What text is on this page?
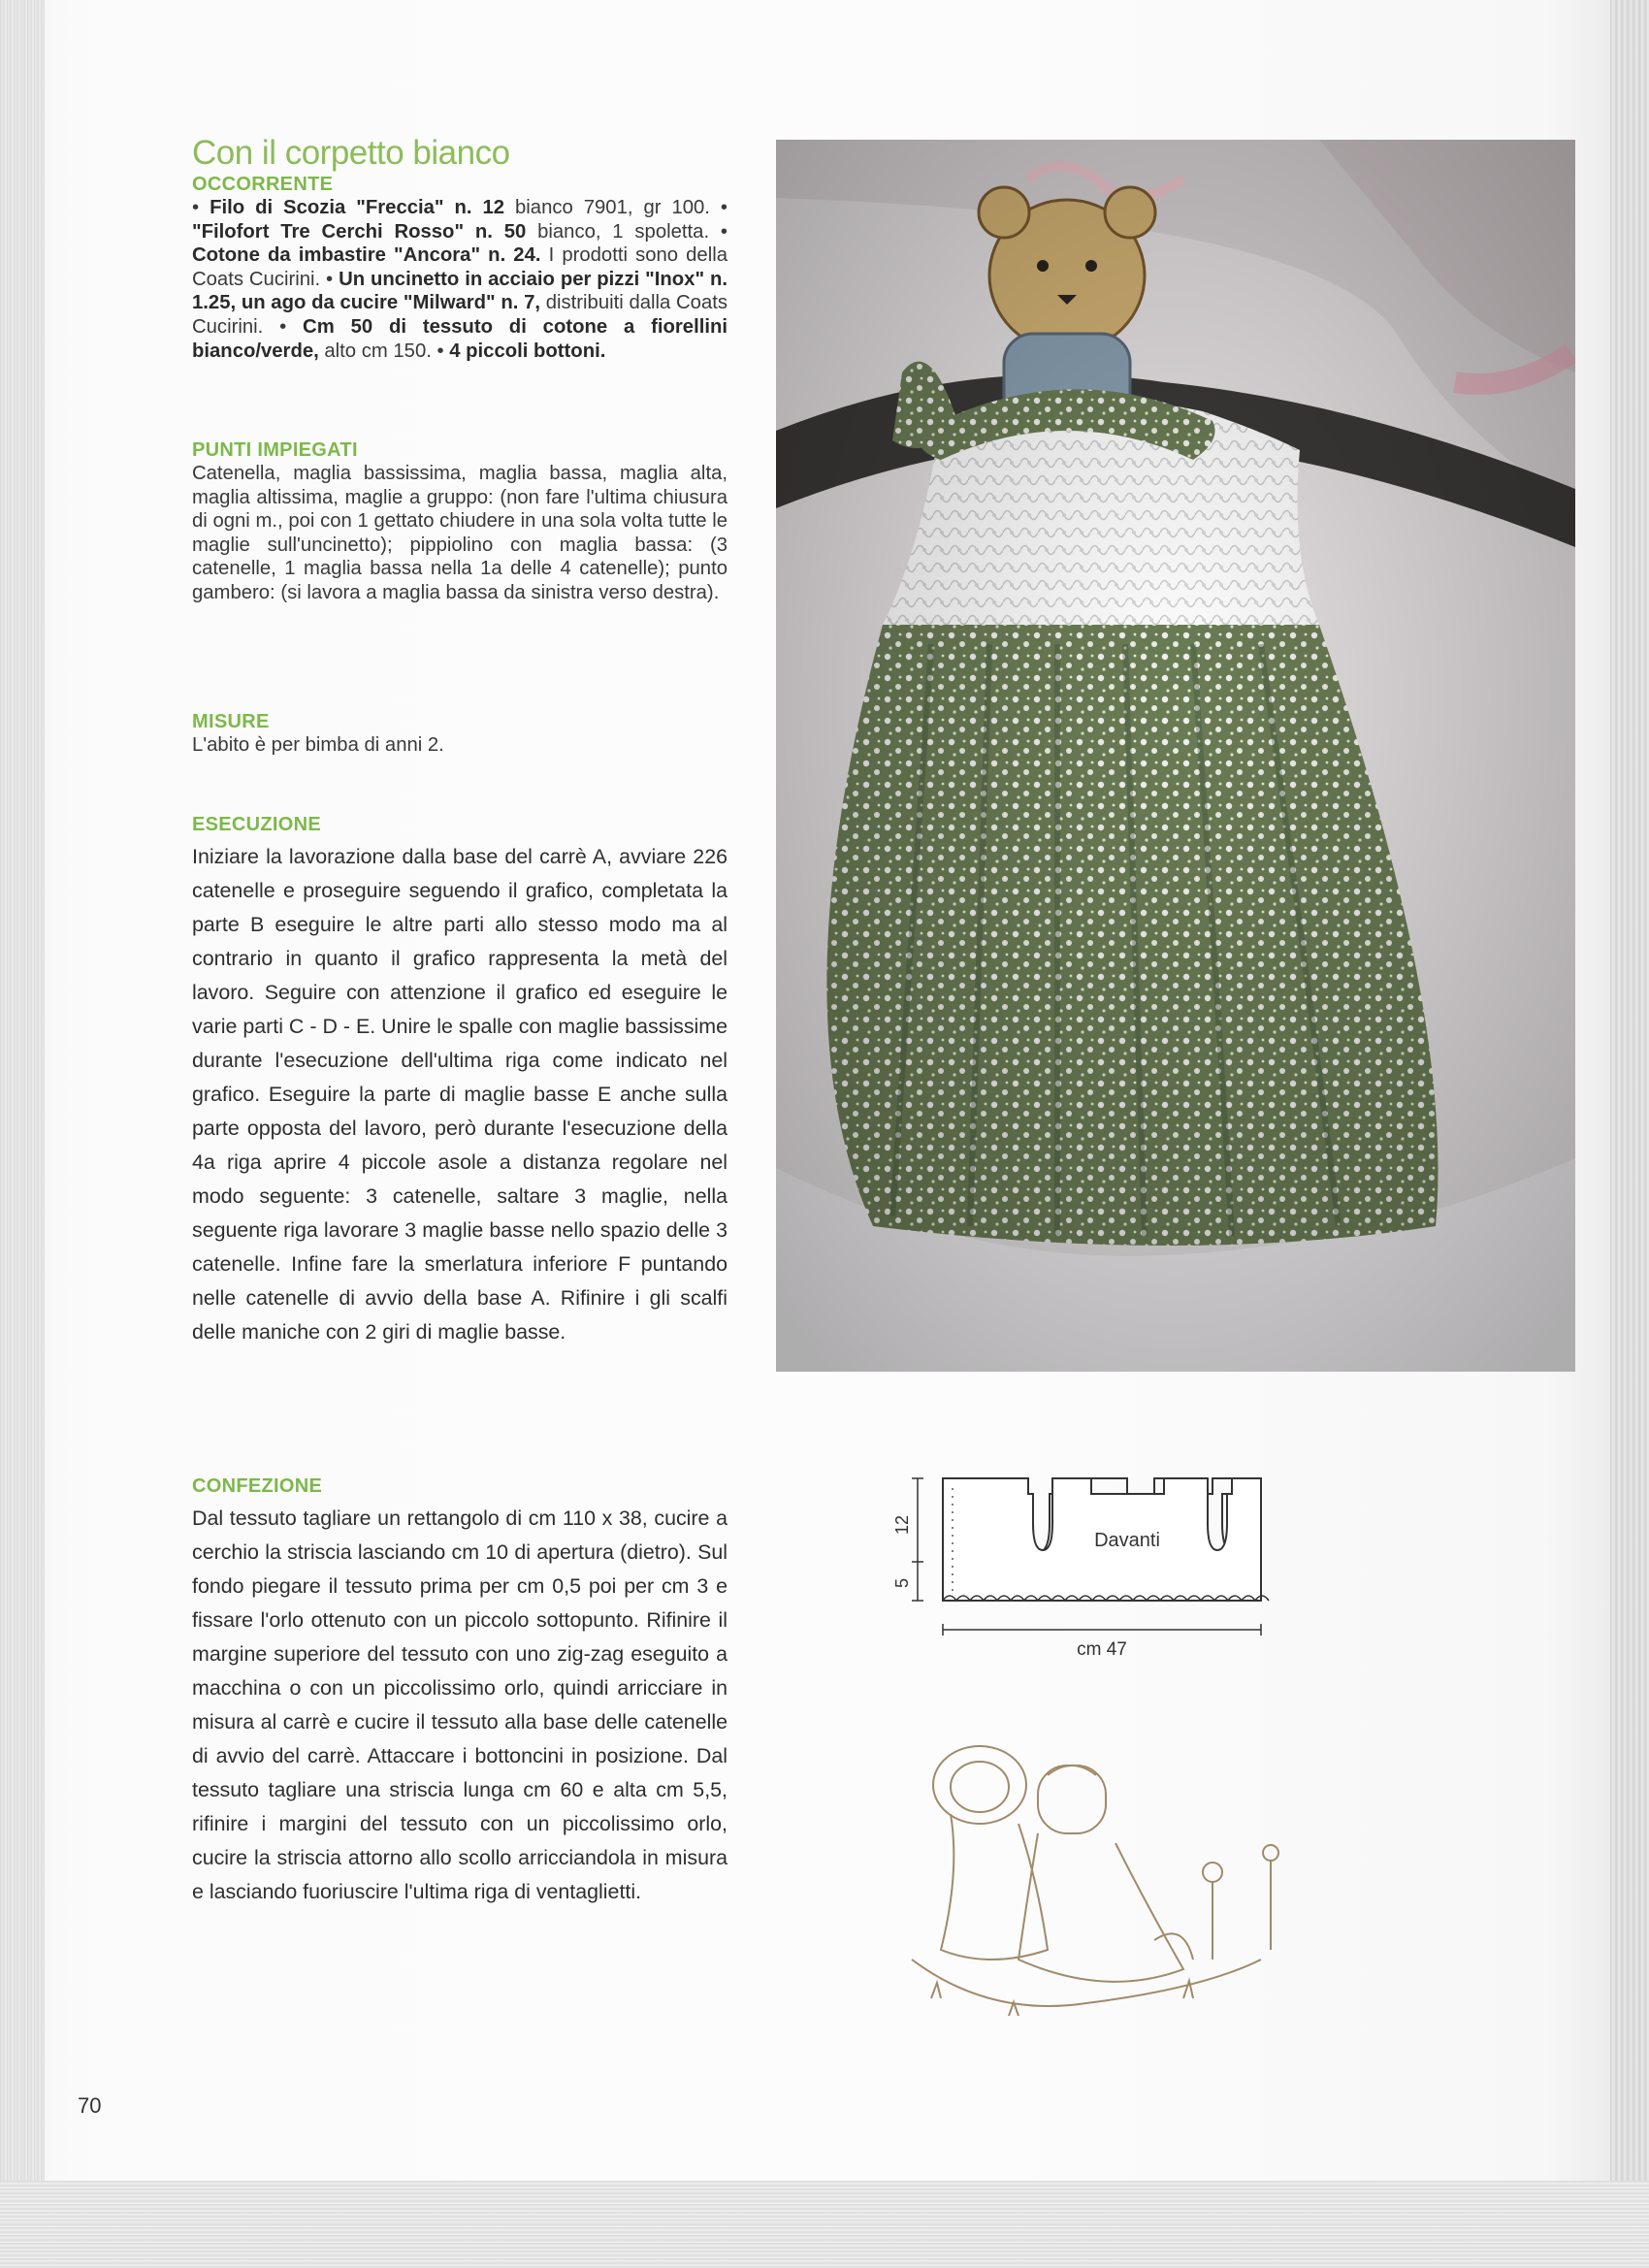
Con il corpetto bianco
OCCORRENTE

• Filo di Scozia "Freccia" n. 12 bianco 7901, gr 100. • "Filofort Tre Cerchi Rosso" n. 50 bianco, 1 spoletta. • Cotone da imbastire "Ancora" n. 24. I prodotti sono della Coats Cucirini. • Un uncinetto in acciaio per pizzi "Inox" n. 1.25, un ago da cucire "Milward" n. 7, distribuiti dalla Coats Cucirini. • Cm 50 di tessuto di cotone a fiorellini bianco/verde, alto cm 150. • 4 piccoli bottoni.

PUNTI IMPIEGATI

Catenella, maglia bassissima, maglia bassa, maglia alta, maglia altissima, maglie a gruppo: (non fare l'ultima chiusura di ogni m., poi con 1 gettato chiudere in una sola volta tutte le maglie sull'uncinetto); pippiolino con maglia bassa: (3 catenelle, 1 maglia bassa nella 1a delle 4 catenelle); punto gambero: (si lavora a maglia bassa da sinistra verso destra).

MISURE

L'abito è per bimba di anni 2.

ESECUZIONE

Iniziare la lavorazione dalla base del carrè A, avviare 226 catenelle e proseguire seguendo il grafico, completata la parte B eseguire le altre parti allo stesso modo ma al contrario in quanto il grafico rappresenta la metà del lavoro. Seguire con attenzione il grafico ed eseguire le varie parti C - D - E. Unire le spalle con maglie bassissime durante l'esecuzione dell'ultima riga come indicato nel grafico. Eseguire la parte di maglie basse E anche sulla parte opposta del lavoro, però durante l'esecuzione della 4a riga aprire 4 piccole asole a distanza regolare nel modo seguente: 3 catenelle, saltare 3 maglie, nella seguente riga lavorare 3 maglie basse nello spazio delle 3 catenelle. Infine fare la smerlatura inferiore F puntando nelle catenelle di avvio della base A. Rifinire i gli scalfi delle maniche con 2 giri di maglie basse.

CONFEZIONE

Dal tessuto tagliare un rettangolo di cm 110 x 38, cucire a cerchio la striscia lasciando cm 10 di apertura (dietro). Sul fondo piegare il tessuto prima per cm 0,5 poi per cm 3 e fissare l'orlo ottenuto con un piccolo sottopunto. Rifinire il margine superiore del tessuto con uno zig-zag eseguito a macchina o con un piccolissimo orlo, quindi arricciare in misura al carrè e cucire il tessuto alla base delle catenelle di avvio del carrè. Attaccare i bottoncini in posizione. Dal tessuto tagliare una striscia lunga cm 60 e alta cm 5,5, rifinire i margini del tessuto con un piccolissimo orlo, cucire la striscia attorno allo scollo arricciandola in misura e lasciando fuoriuscire l'ultima riga di ventaglietti.

12
5
cm 47
Davanti
70
